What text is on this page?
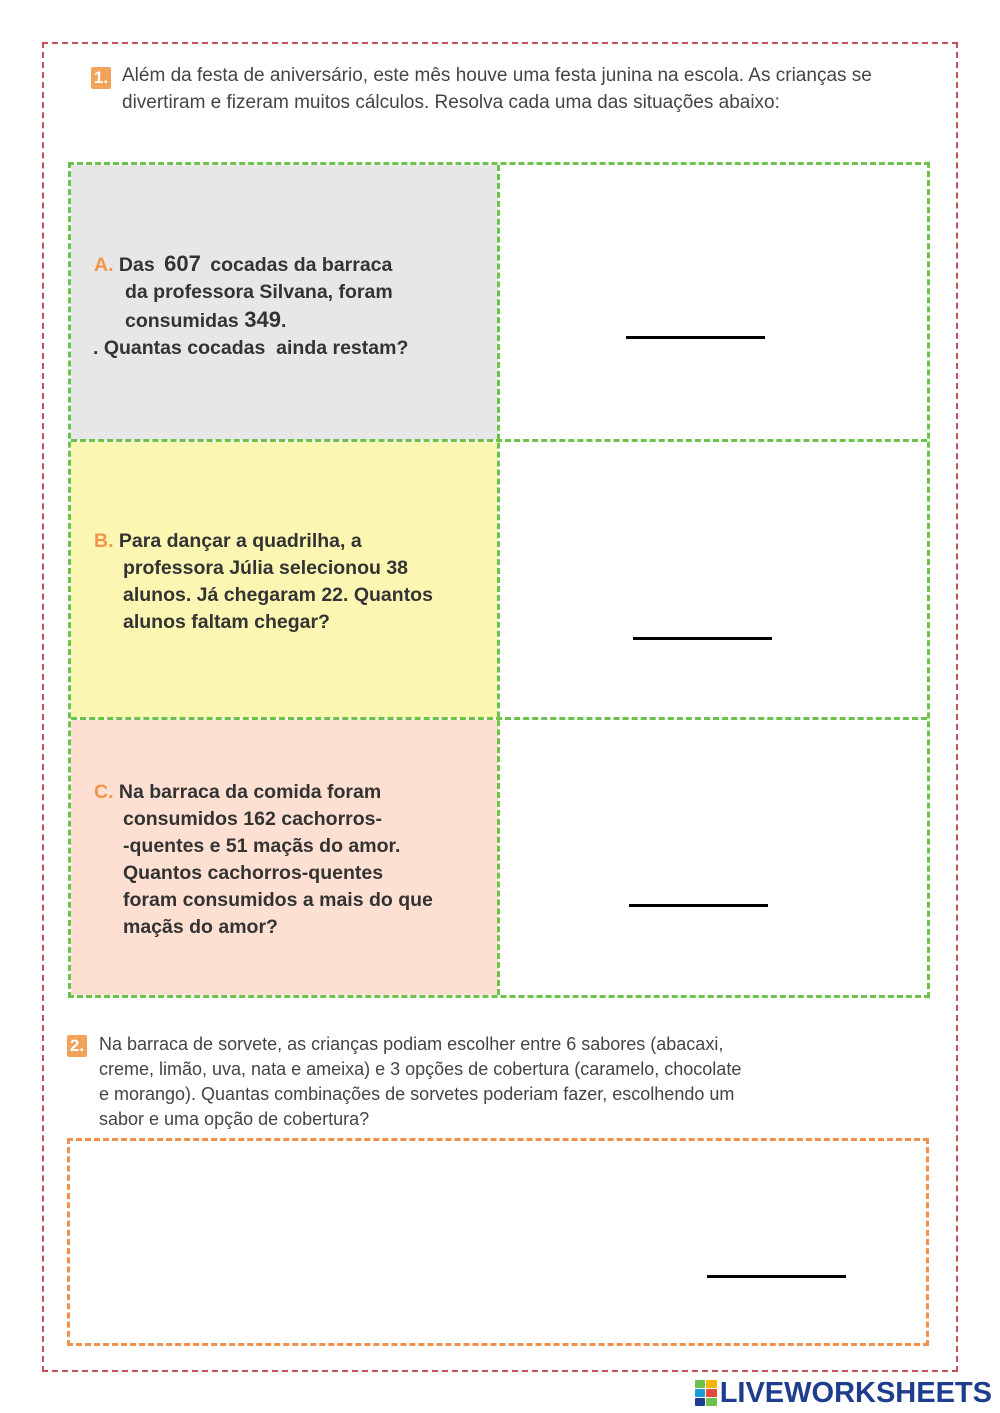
1. Além da festa de aniversário, este mês houve uma festa junina na escola. As crianças se divertiram e fizeram muitos cálculos. Resolva cada uma das situações abaixo:
A. Das 607 cocadas da barraca
da professora Silvana, foram
consumidas 349.
. Quantas cocadas  ainda restam?
B. Para dançar a quadrilha, a
professora Júlia selecionou 38
alunos. Já chegaram 22. Quantos
alunos faltam chegar?
C. Na barraca da comida foram
consumidos 162 cachorros-
-quentes e 51 maçãs do amor.
Quantos cachorros-quentes
foram consumidos a mais do que
maçãs do amor?
2. Na barraca de sorvete, as crianças podiam escolher entre 6 sabores (abacaxi,
creme, limão, uva, nata e ameixa) e 3 opções de cobertura (caramelo, chocolate
e morango). Quantas combinações de sorvetes poderiam fazer, escolhendo um
sabor e uma opção de cobertura?
LIVEWORKSHEETS
